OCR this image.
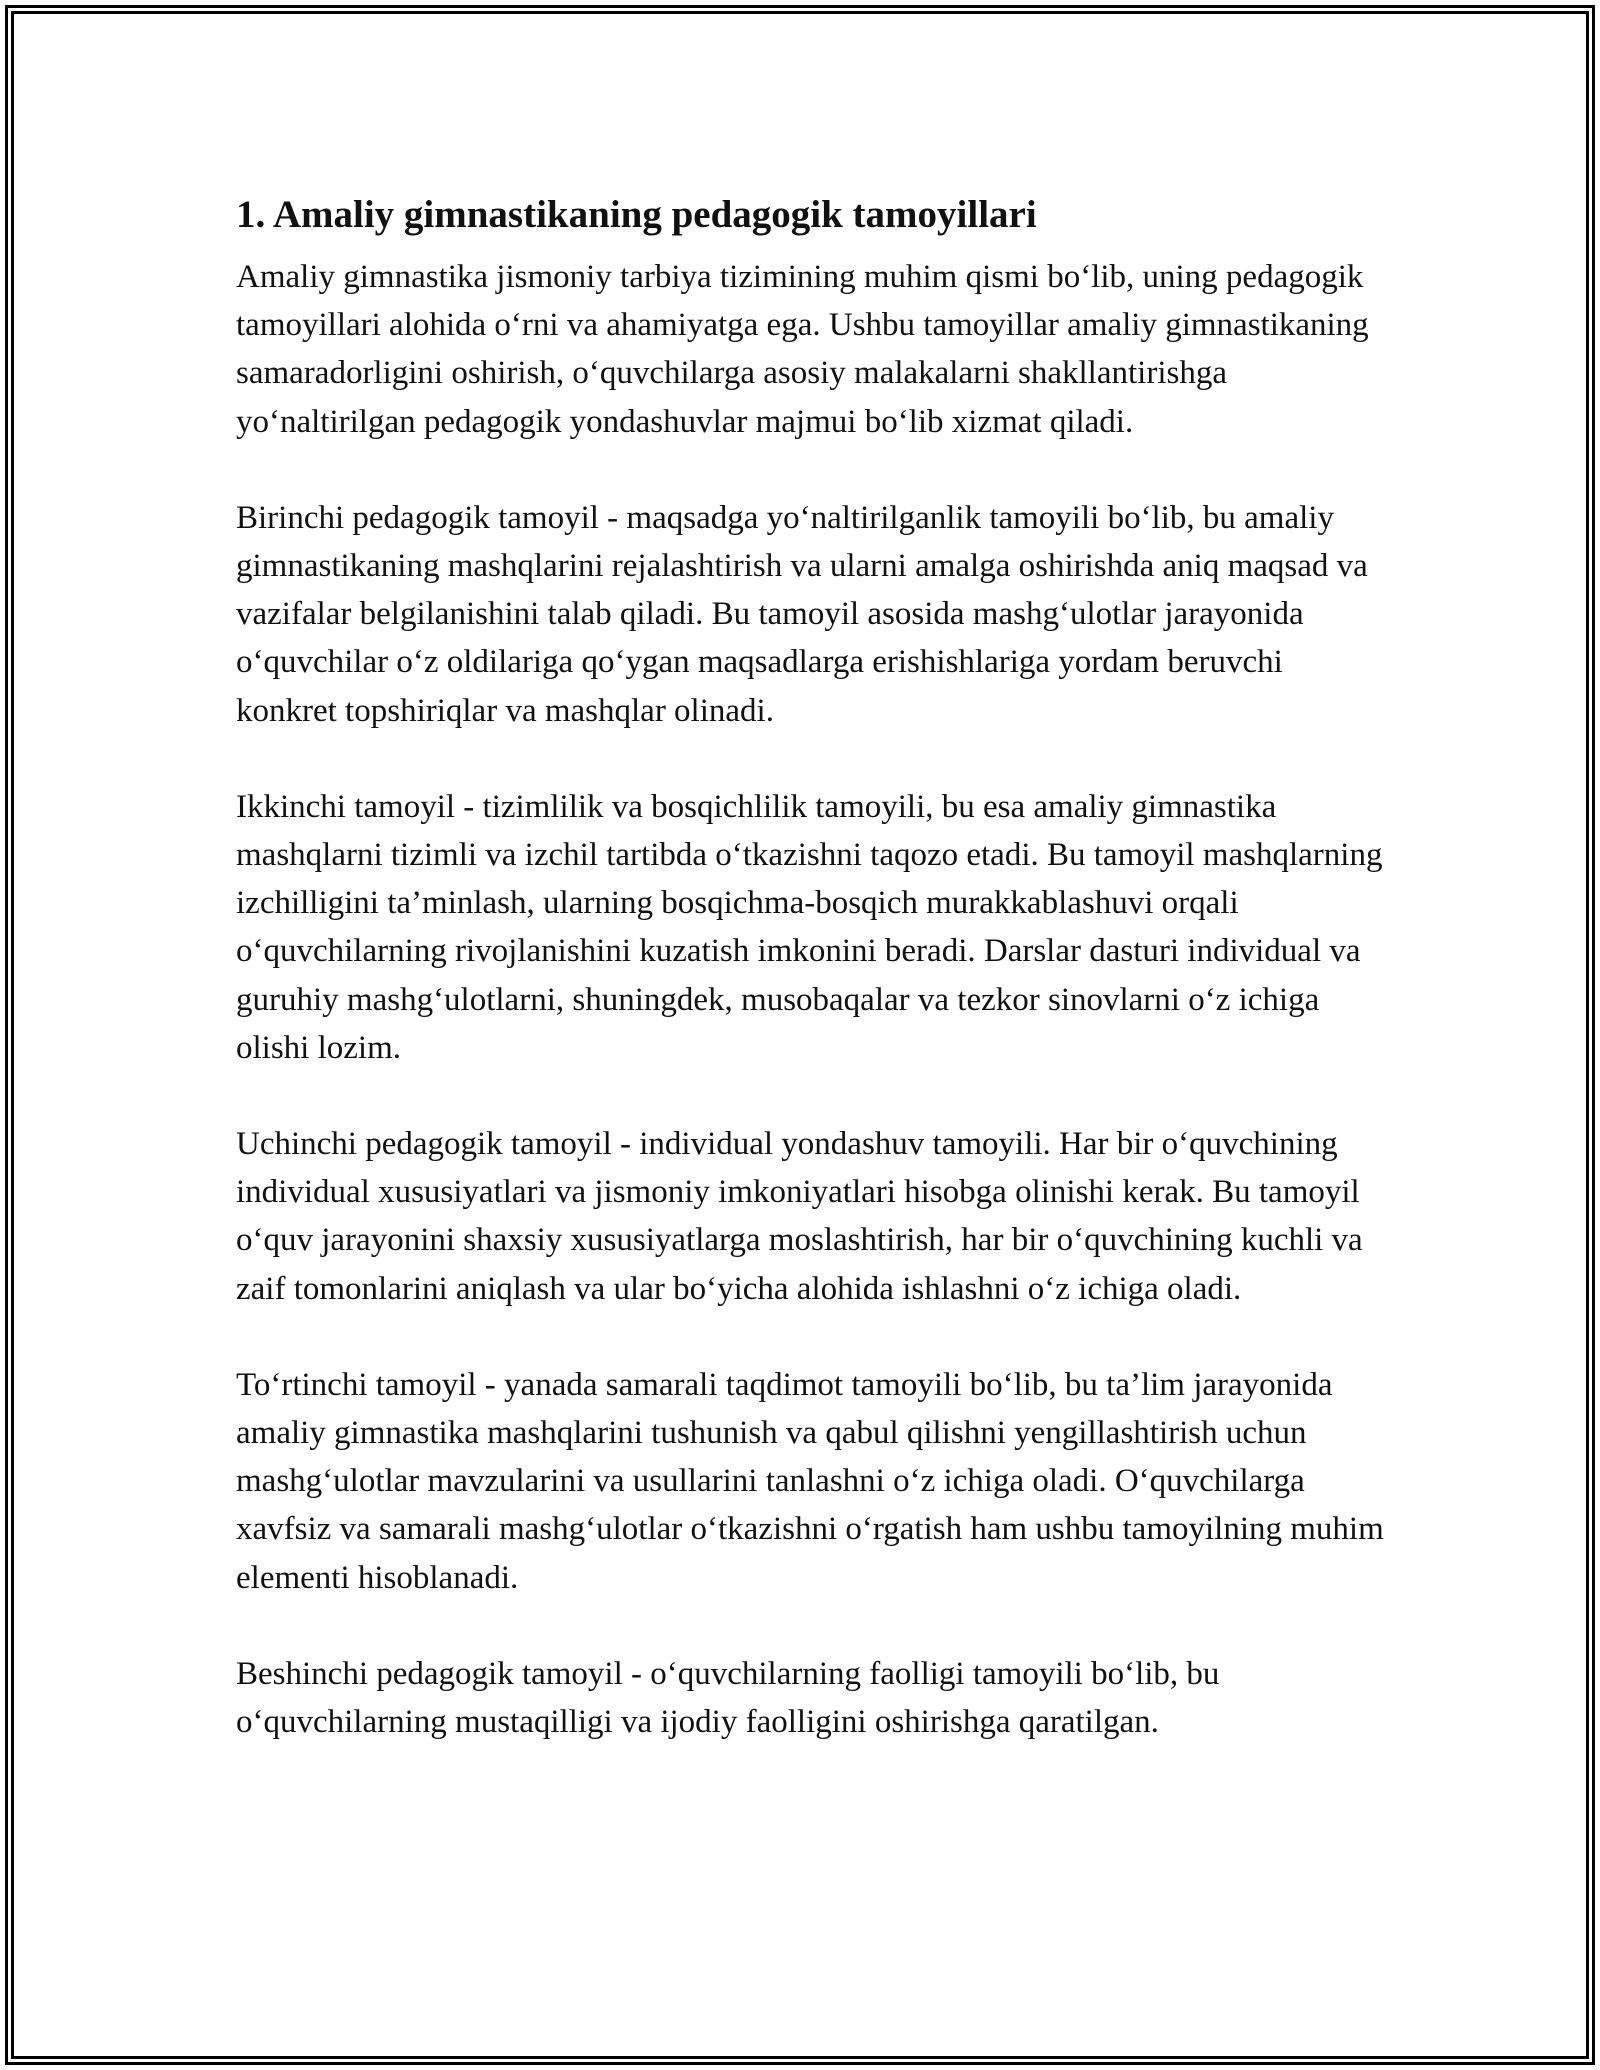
1. Amaliy gimnastikaning pedagogik tamoyillari

Amaliy gimnastika jismoniy tarbiya tizimining muhim qismi bo‘lib, uning pedagogik tamoyillari alohida o‘rni va ahamiyatga ega. Ushbu tamoyillar amaliy gimnastikaning samaradorligini oshirish, o‘quvchilarga asosiy malakalarni shakllantirishga yo‘naltirilgan pedagogik yondashuvlar majmui bo‘lib xizmat qiladi.

Birinchi pedagogik tamoyil - maqsadga yo‘naltirilganlik tamoyili bo‘lib, bu amaliy gimnastikaning mashqlarini rejalashtirish va ularni amalga oshirishda aniq maqsad va vazifalar belgilanishini talab qiladi. Bu tamoyil asosida mashg‘ulotlar jarayonida o‘quvchilar o‘z oldilariga qo‘ygan maqsadlarga erishishlariga yordam beruvchi konkret topshiriqlar va mashqlar olinadi.

Ikkinchi tamoyil - tizimlilik va bosqichlilik tamoyili, bu esa amaliy gimnastika mashqlarni tizimli va izchil tartibda o‘tkazishni taqozo etadi. Bu tamoyil mashqlarning izchilligini ta’minlash, ularning bosqichma-bosqich murakkablashuvi orqali o‘quvchilarning rivojlanishini kuzatish imkonini beradi. Darslar dasturi individual va guruhiy mashg‘ulotlarni, shuningdek, musobaqalar va tezkor sinovlarni o‘z ichiga olishi lozim.

Uchinchi pedagogik tamoyil - individual yondashuv tamoyili. Har bir o‘quvchining individual xususiyatlari va jismoniy imkoniyatlari hisobga olinishi kerak. Bu tamoyil o‘quv jarayonini shaxsiy xususiyatlarga moslashtirish, har bir o‘quvchining kuchli va zaif tomonlarini aniqlash va ular bo‘yicha alohida ishlashni o‘z ichiga oladi.

To‘rtinchi tamoyil - yanada samarali taqdimot tamoyili bo‘lib, bu ta’lim jarayonida amaliy gimnastika mashqlarini tushunish va qabul qilishni yengillashtirish uchun mashg‘ulotlar mavzularini va usullarini tanlashni o‘z ichiga oladi. O‘quvchilarga xavfsiz va samarali mashg‘ulotlar o‘tkazishni o‘rgatish ham ushbu tamoyilning muhim elementi hisoblanadi.

Beshinchi pedagogik tamoyil - o‘quvchilarning faolligi tamoyili bo‘lib, bu o‘quvchilarning mustaqilligi va ijodiy faolligini oshirishga qaratilgan.
